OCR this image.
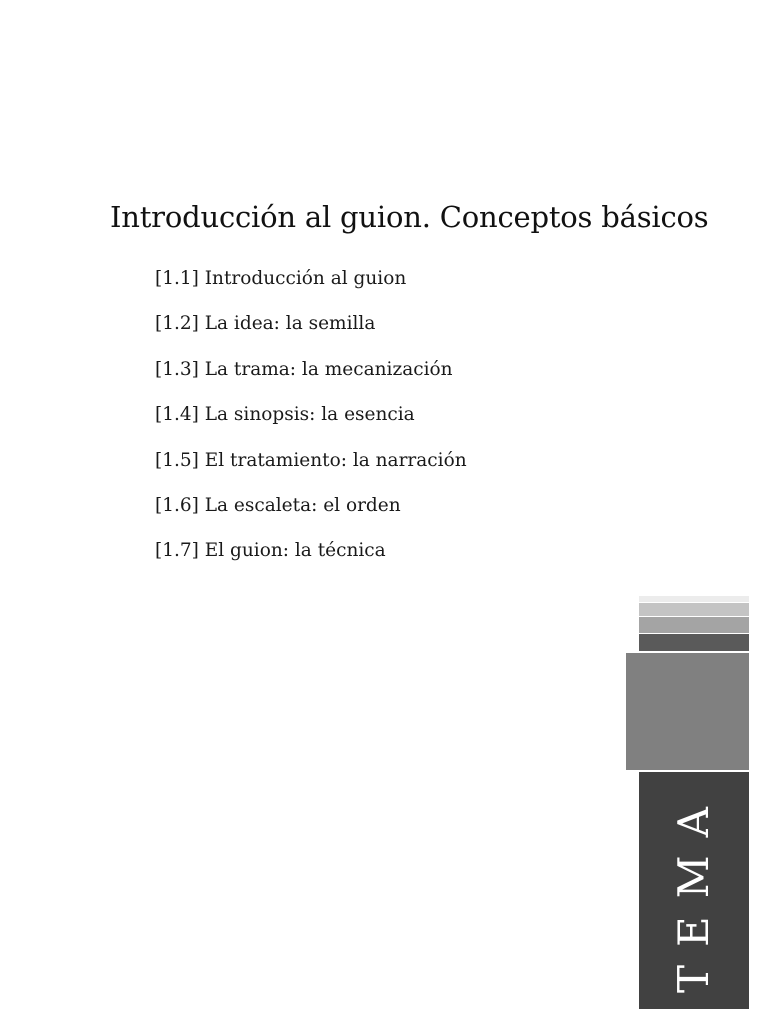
Introducción al guion. Conceptos básicos
[1.1] Introducción al guion
[1.2] La idea: la semilla
[1.3] La trama: la mecanización
[1.4] La sinopsis: la esencia
[1.5] El tratamiento: la narración
[1.6] La escaleta: el orden
[1.7] El guion: la técnica
TEMA
